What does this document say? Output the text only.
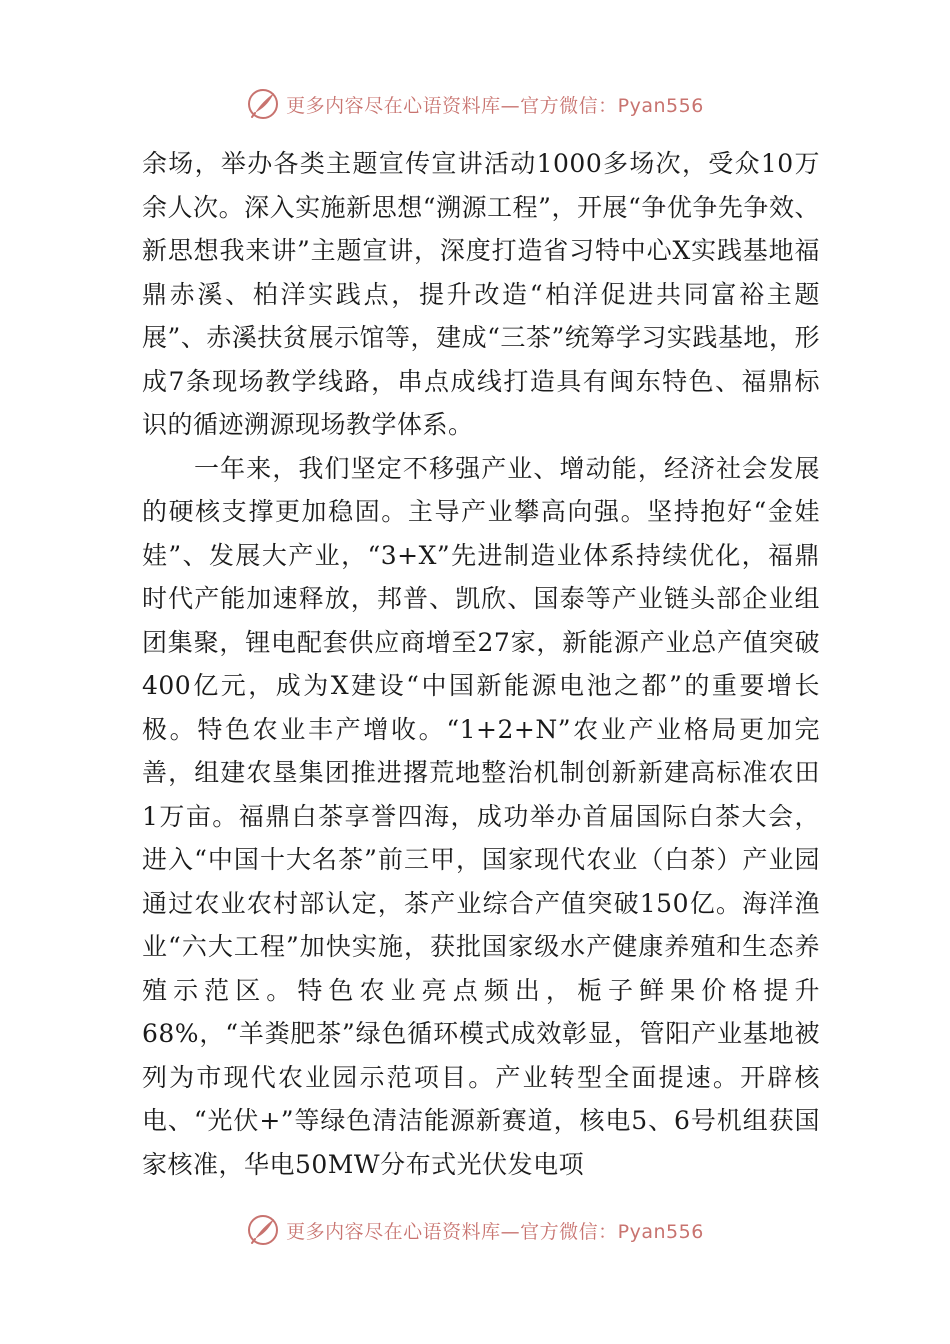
更多内容尽在心语资料库—官方微信：Pyan556

余场，举办各类主题宣传宣讲活动1000多场次，受众10万余人次。深入实施新思想“溯源工程”，开展“争优争先争效、新思想我来讲”主题宣讲，深度打造省习特中心X实践基地福鼎赤溪、柏洋实践点，提升改造“柏洋促进共同富裕主题展”、赤溪扶贫展示馆等，建成“三茶”统筹学习实践基地，形成7条现场教学线路，串点成线打造具有闽东特色、福鼎标识的循迹溯源现场教学体系。

一年来，我们坚定不移强产业、增动能，经济社会发展的硬核支撑更加稳固。主导产业攀高向强。坚持抱好“金娃娃”、发展大产业，“3+X”先进制造业体系持续优化，福鼎时代产能加速释放，邦普、凯欣、国泰等产业链头部企业组团集聚，锂电配套供应商增至27家，新能源产业总产值突破400亿元，成为X建设“中国新能源电池之都”的重要增长极。特色农业丰产增收。“1+2+N”农业产业格局更加完善，组建农垦集团推进撂荒地整治机制创新新建高标准农田1万亩。福鼎白茶享誉四海，成功举办首届国际白茶大会，进入“中国十大名茶”前三甲，国家现代农业（白茶）产业园通过农业农村部认定，茶产业综合产值突破150亿。海洋渔业“六大工程”加快实施，获批国家级水产健康养殖和生态养殖示范区。特色农业亮点频出，栀子鲜果价格提升68%，“羊粪肥茶”绿色循环模式成效彰显，管阳产业基地被列为市现代农业园示范项目。产业转型全面提速。开辟核电、“光伏+”等绿色清洁能源新赛道，核电5、6号机组获国家核准，华电50MW分布式光伏发电项

更多内容尽在心语资料库—官方微信：Pyan556
